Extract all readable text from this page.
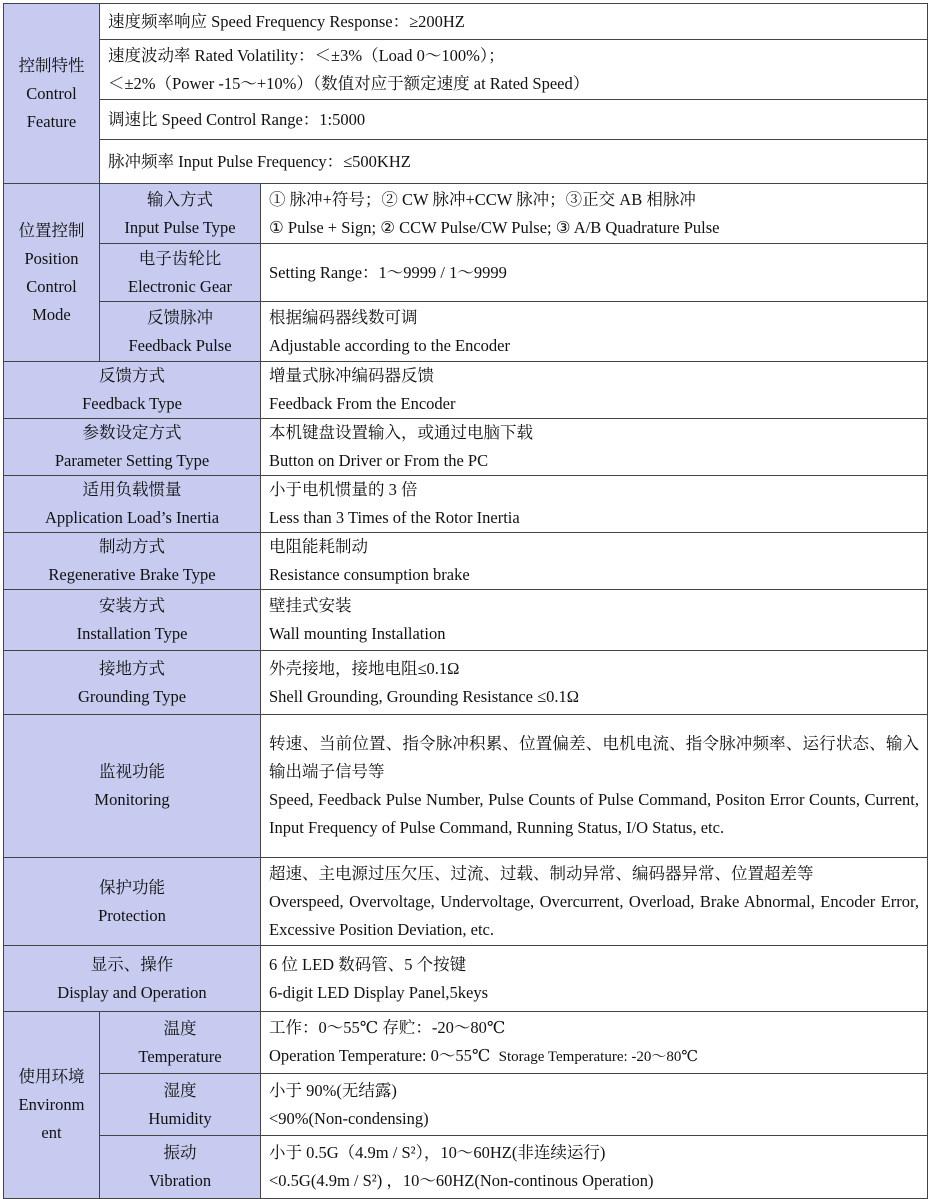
控制特性
Control
Feature	速度频率响应 Speed Frequency Response：≥200HZ	

	速度波动率 Rated Volatility：＜±3%（Load 0～100%）；
＜±2%（Power -15～+10%）（数值对应于额定速度 at Rated Speed）	

	调速比 Speed Control Range：1:5000	

	脉冲频率 Input Pulse Frequency：≤500KHZ	

位置控制
Position
Control
Mode	输入方式
Input Pulse Type	① 脉冲+符号；② CW 脉冲+CCW 脉冲；③正交 AB 相脉冲
① Pulse + Sign; ② CCW Pulse/CW Pulse; ③ A/B Quadrature Pulse

	电子齿轮比
Electronic Gear	Setting Range：1～9999 / 1～9999

	反馈脉冲
Feedback Pulse	根据编码器线数可调
Adjustable according to the Encoder

反馈方式
Feedback Type		增量式脉冲编码器反馈
Feedback From the Encoder

参数设定方式
Parameter Setting Type		本机键盘设置输入，或通过电脑下载
Button on Driver or From the PC

适用负载惯量
Application Load’s Inertia		小于电机惯量的 3 倍
Less than 3 Times of the Rotor Inertia

制动方式
Regenerative Brake Type		电阻能耗制动
Resistance consumption brake

安装方式
Installation Type		壁挂式安装
Wall mounting Installation

接地方式
Grounding Type		外壳接地，接地电阻≤0.1Ω
Shell Grounding, Grounding Resistance ≤0.1Ω

监视功能
Monitoring		转速、当前位置、指令脉冲积累、位置偏差、电机电流、指令脉冲频率、运行状态、输入输出端子信号等
Speed, Feedback Pulse Number, Pulse Counts of Pulse Command, Positon Error Counts, Current, Input Frequency of Pulse Command, Running Status, I/O Status, etc.

保护功能
Protection		超速、主电源过压欠压、过流、过载、制动异常、编码器异常、位置超差等
Overspeed, Overvoltage, Undervoltage, Overcurrent, Overload, Brake Abnormal, Encoder Error, Excessive Position Deviation, etc.

显示、操作
Display and Operation		6 位 LED 数码管、5 个按键
6-digit LED Display Panel,5keys

使用环境
Environm
ent	温度
Temperature	工作：0～55℃ 存贮：-20～80℃
Operation Temperature: 0～55℃ Storage Temperature: -20～80℃

	湿度
Humidity	小于 90%(无结露)
<90%(Non-condensing)

	振动
Vibration	小于 0.5G（4.9m / S²），10～60HZ(非连续运行)
<0.5G(4.9m / S²) ，10～60HZ(Non-continous Operation)
